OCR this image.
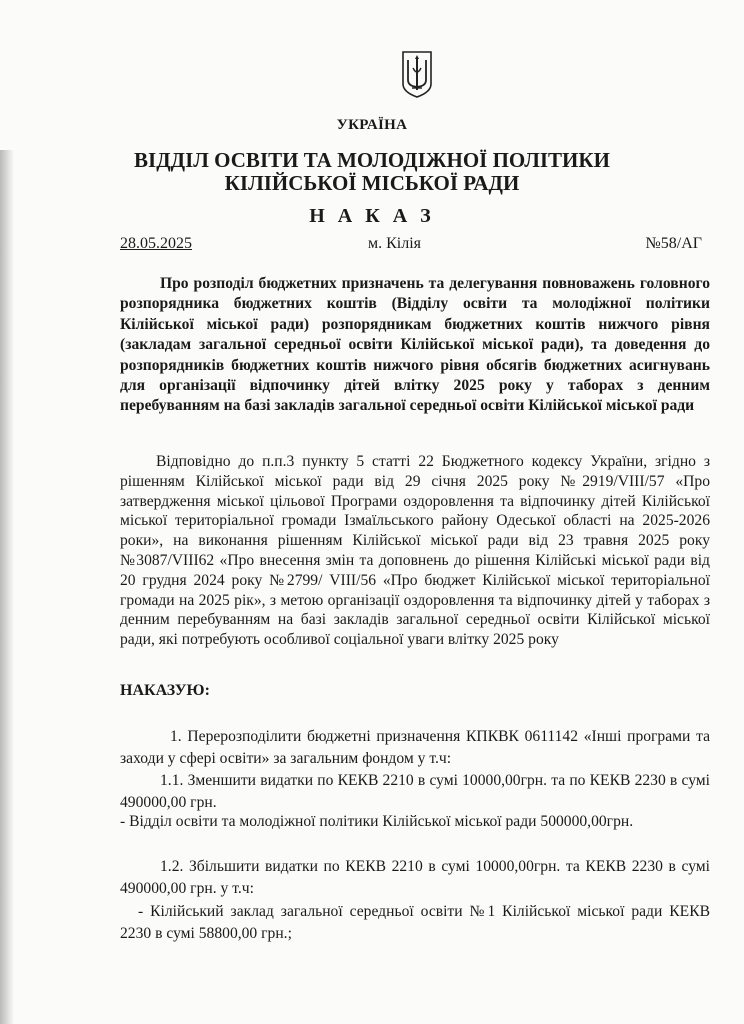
УКРАЇНА
ВІДДІЛ ОСВІТИ ТА МОЛОДІЖНОЇ ПОЛІТИКИ
КІЛІЙСЬКОЇ МІСЬКОЇ РАДИ
Н А К А З
28.05.2025	м. Кілія	№58/АГ
Про розподіл бюджетних призначень та делегування повноважень головного розпорядника бюджетних коштів (Відділу освіти та молодіжної політики Кілійської міської ради) розпорядникам бюджетних коштів нижчого рівня (закладам загальної середньої освіти Кілійської міської ради), та доведення до розпорядників бюджетних коштів нижчого рівня обсягів бюджетних асигнувань для організації відпочинку дітей влітку 2025 року у таборах з денним перебуванням на базі закладів загальної середньої освіти Кілійської міської ради
Відповідно до п.п.3 пункту 5 статті 22 Бюджетного кодексу України, згідно з рішенням Кілійської міської ради від 29 січня 2025 року №2919/VIII/57 «Про затвердження міської цільової Програми оздоровлення та відпочинку дітей Кілійської міської територіальної громади Ізмаїльського району Одеської області на 2025-2026 роки», на виконання рішенням Кілійської міської ради від 23 травня 2025 року №3087/VIII62 «Про внесення змін та доповнень до рішення Кілійські міської ради від 20 грудня 2024 року №2799/ VIII/56 «Про бюджет Кілійської міської територіальної громади на 2025 рік», з метою організації оздоровлення та відпочинку дітей у таборах з денним перебуванням на базі закладів загальної середньої освіти Кілійської міської ради, які потребують особливої соціальної уваги влітку 2025 року
НАКАЗУЮ:
1. Перерозподілити бюджетні призначення КПКВК 0611142 «Інші програми та заходи у сфері освіти» за загальним фондом у т.ч:
1.1. Зменшити видатки по КЕКВ 2210 в сумі 10000,00грн. та по КЕКВ 2230 в сумі 490000,00 грн.
- Відділ освіти та молодіжної політики Кілійської міської ради 500000,00грн.
1.2. Збільшити видатки по КЕКВ 2210 в сумі 10000,00грн. та КЕКВ 2230 в сумі 490000,00 грн. у т.ч:
- Кілійський заклад загальної середньої освіти №1 Кілійської міської ради КЕКВ 2230 в сумі 58800,00 грн.;
